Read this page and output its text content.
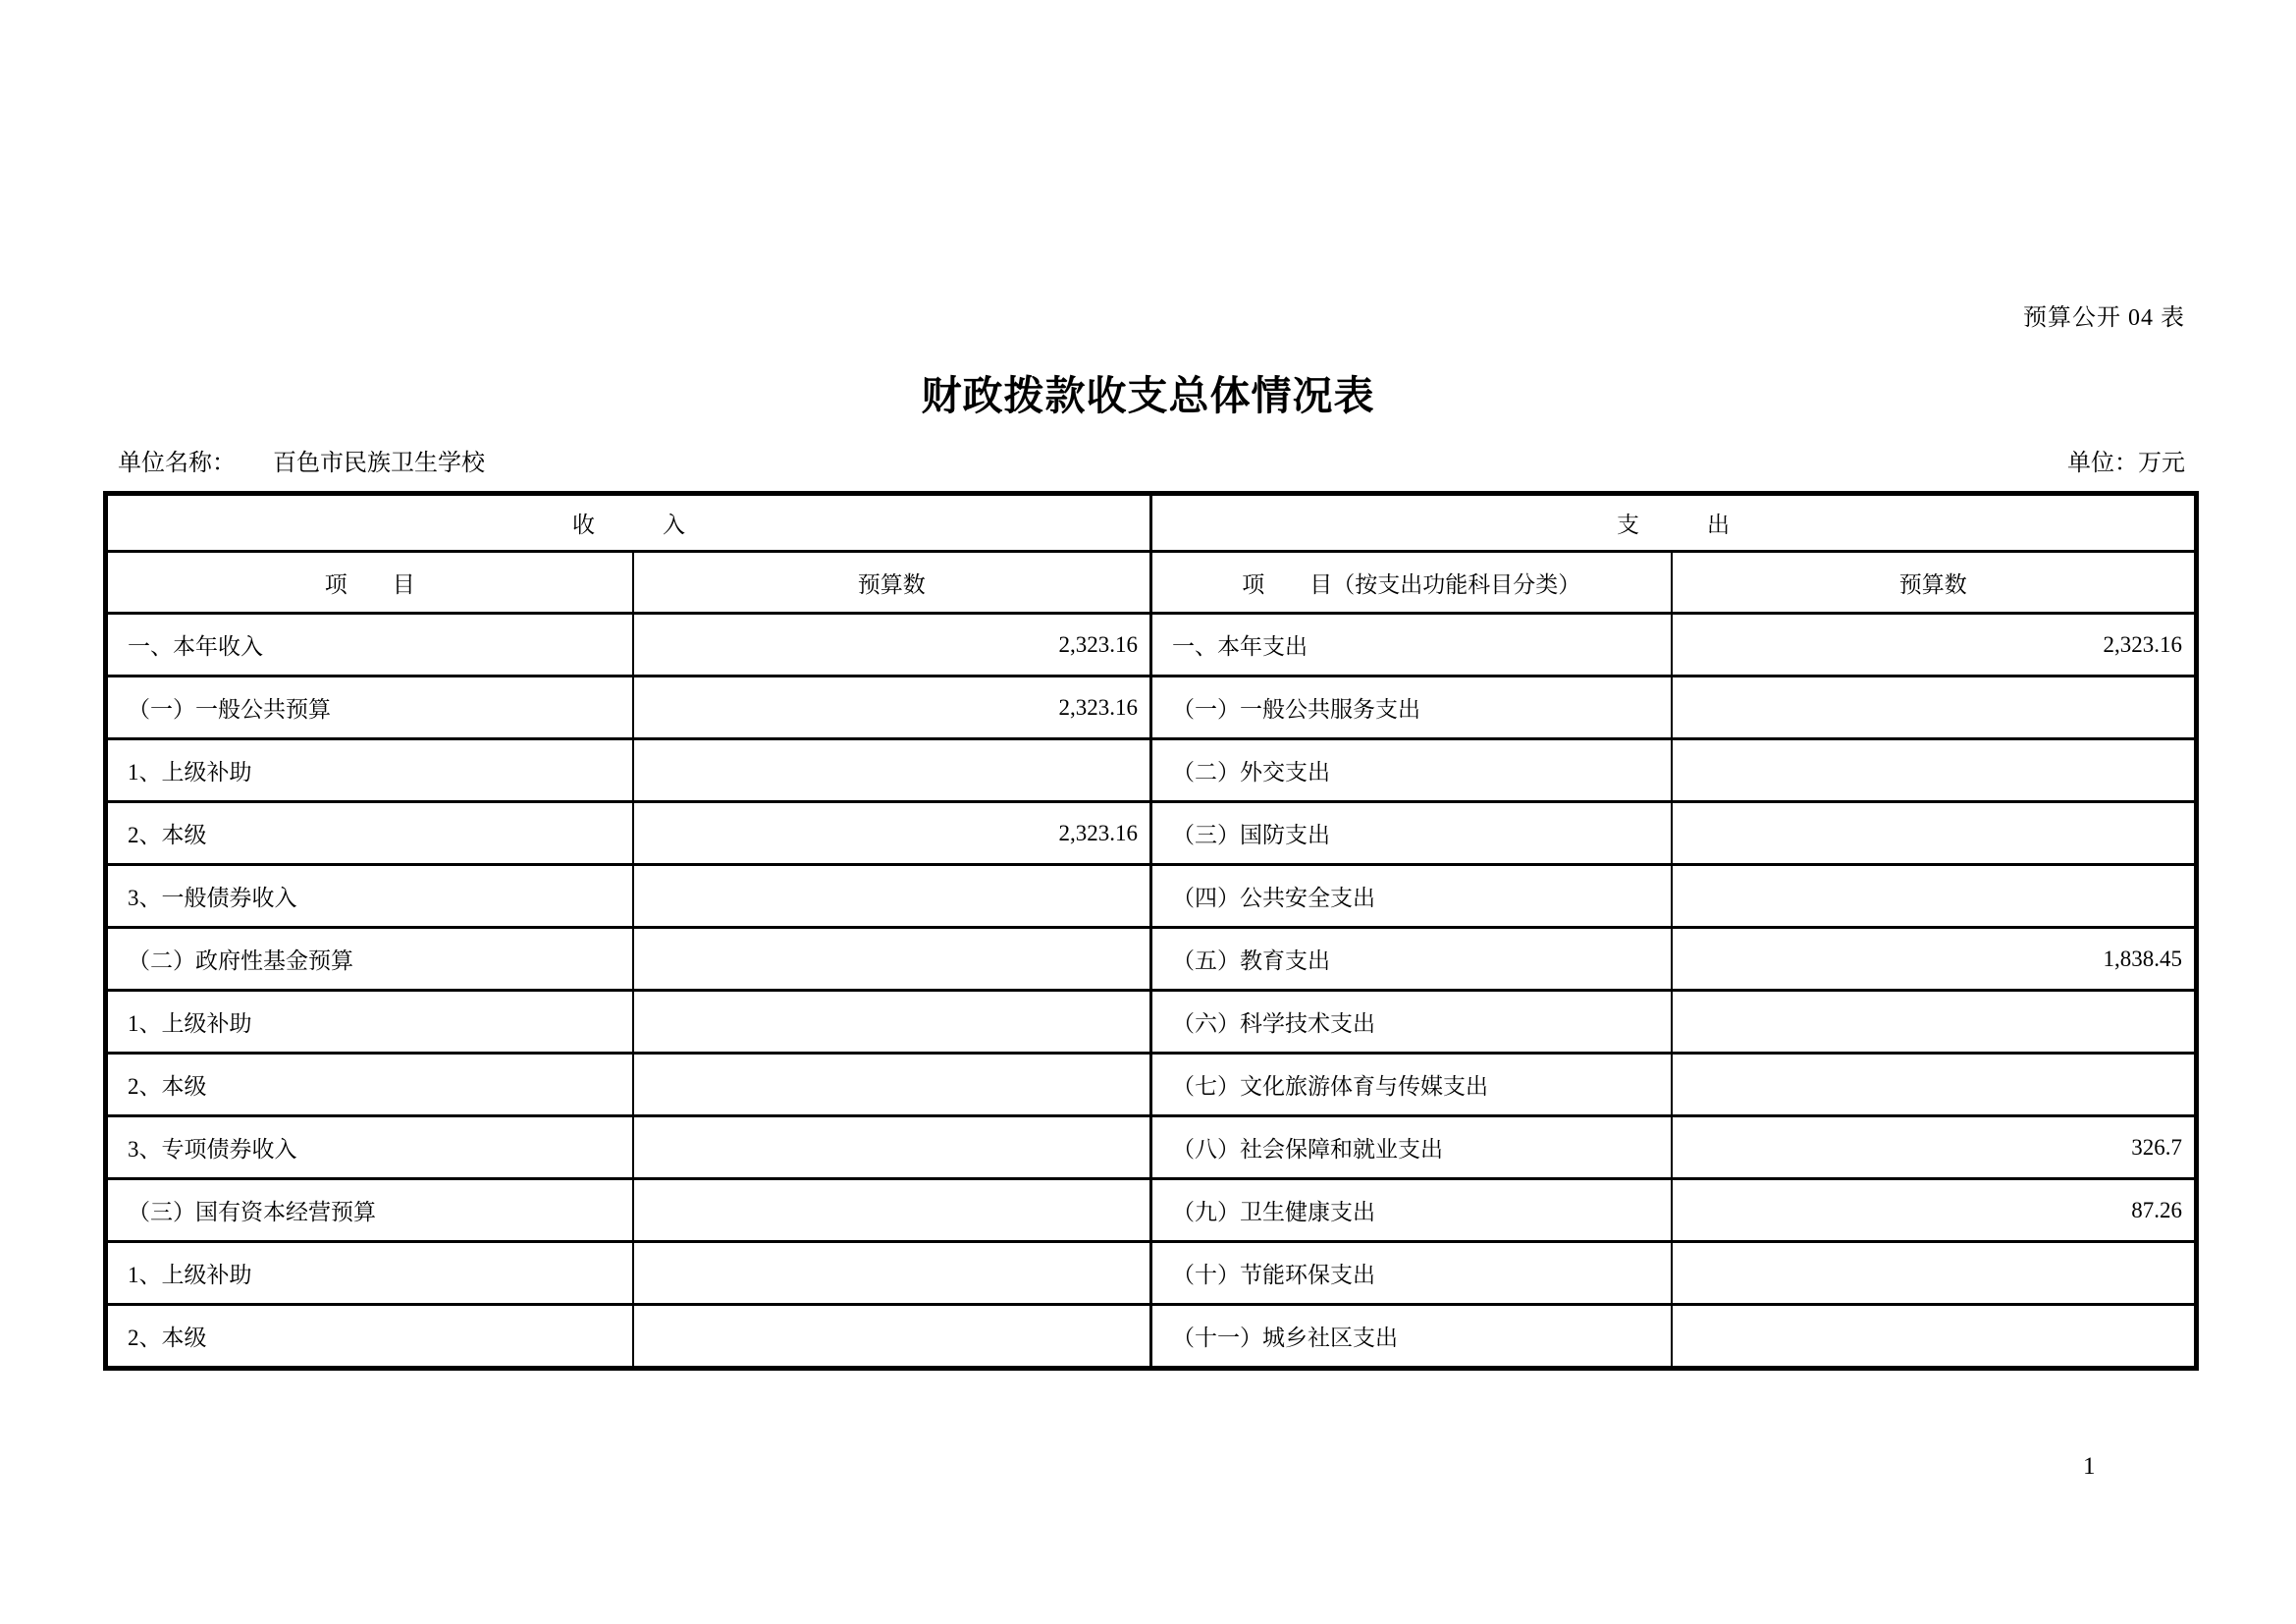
预算公开 04 表
财政拨款收支总体情况表
单位名称： 百色市民族卫生学校	单位：万元
收　　　入		支　　　出	
项　　目	预算数	项　　目（按支出功能科目分类）	预算数
一、本年收入	2,323.16	一、本年支出	2,323.16
（一）一般公共预算	2,323.16	（一）一般公共服务支出	
1、上级补助		（二）外交支出	
2、本级	2,323.16	（三）国防支出	
3、一般债券收入		（四）公共安全支出	
（二）政府性基金预算		（五）教育支出	1,838.45
1、上级补助		（六）科学技术支出	
2、本级		（七）文化旅游体育与传媒支出	
3、专项债券收入		（八）社会保障和就业支出	326.7
（三）国有资本经营预算		（九）卫生健康支出	87.26
1、上级补助		（十）节能环保支出	
2、本级		（十一）城乡社区支出	
1
